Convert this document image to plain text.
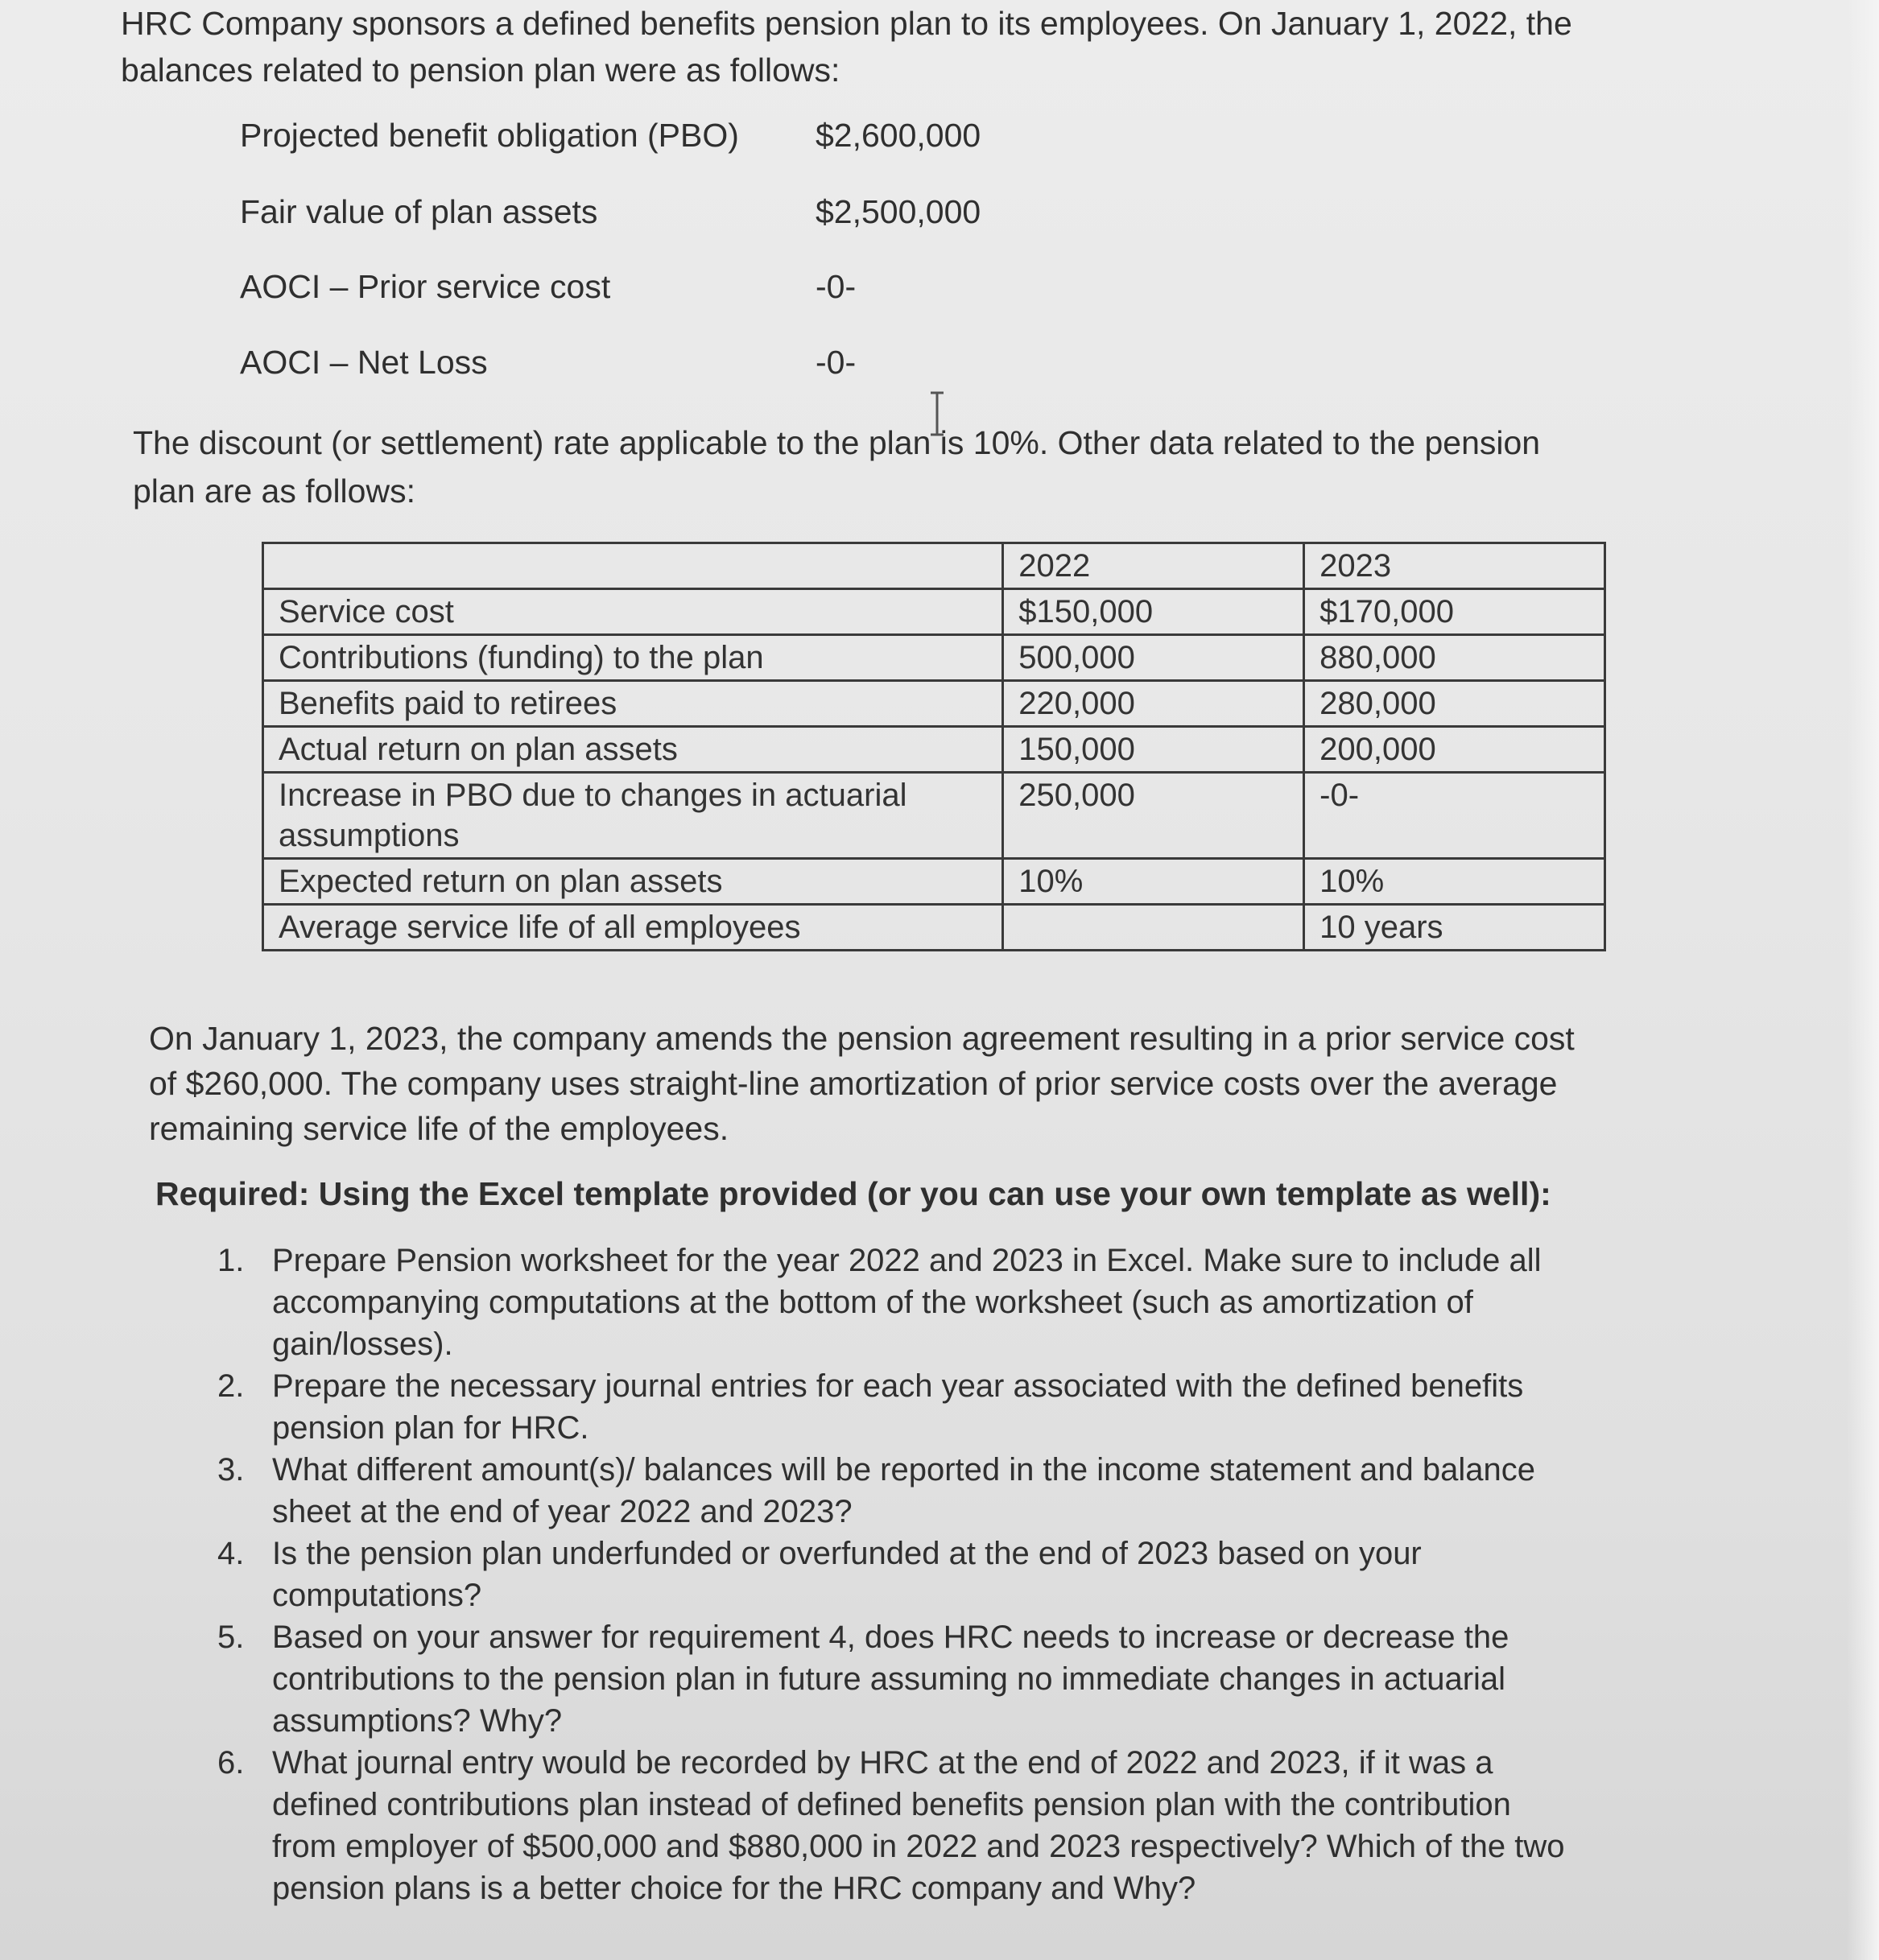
HRC Company sponsors a defined benefits pension plan to its employees. On January 1, 2022, the balances related to pension plan were as follows:

Projected benefit obligation (PBO) $2,600,000
Fair value of plan assets	$2,500,000
AOCI – Prior service cost	-0-
AOCI – Net Loss	-0-

The discount (or settlement) rate applicable to the plan is 10%. Other data related to the pension plan are as follows:

	2022	2023
Service cost	$150,000	$170,000
Contributions (funding) to the plan	500,000	880,000
Benefits paid to retirees	220,000	280,000
Actual return on plan assets	150,000	200,000
Increase in PBO due to changes in actuarial assumptions	250,000	-0-
Expected return on plan assets	10%	10%
Average service life of all employees		10 years

On January 1, 2023, the company amends the pension agreement resulting in a prior service cost of $260,000. The company uses straight-line amortization of prior service costs over the average remaining service life of the employees.

Required: Using the Excel template provided (or you can use your own template as well):

1. Prepare Pension worksheet for the year 2022 and 2023 in Excel. Make sure to include all accompanying computations at the bottom of the worksheet (such as amortization of gain/losses).
2. Prepare the necessary journal entries for each year associated with the defined benefits pension plan for HRC.
3. What different amount(s)/ balances will be reported in the income statement and balance sheet at the end of year 2022 and 2023?
4. Is the pension plan underfunded or overfunded at the end of 2023 based on your computations?
5. Based on your answer for requirement 4, does HRC needs to increase or decrease the contributions to the pension plan in future assuming no immediate changes in actuarial assumptions? Why?
6. What journal entry would be recorded by HRC at the end of 2022 and 2023, if it was a defined contributions plan instead of defined benefits pension plan with the contribution from employer of $500,000 and $880,000 in 2022 and 2023 respectively? Which of the two pension plans is a better choice for the HRC company and Why?
